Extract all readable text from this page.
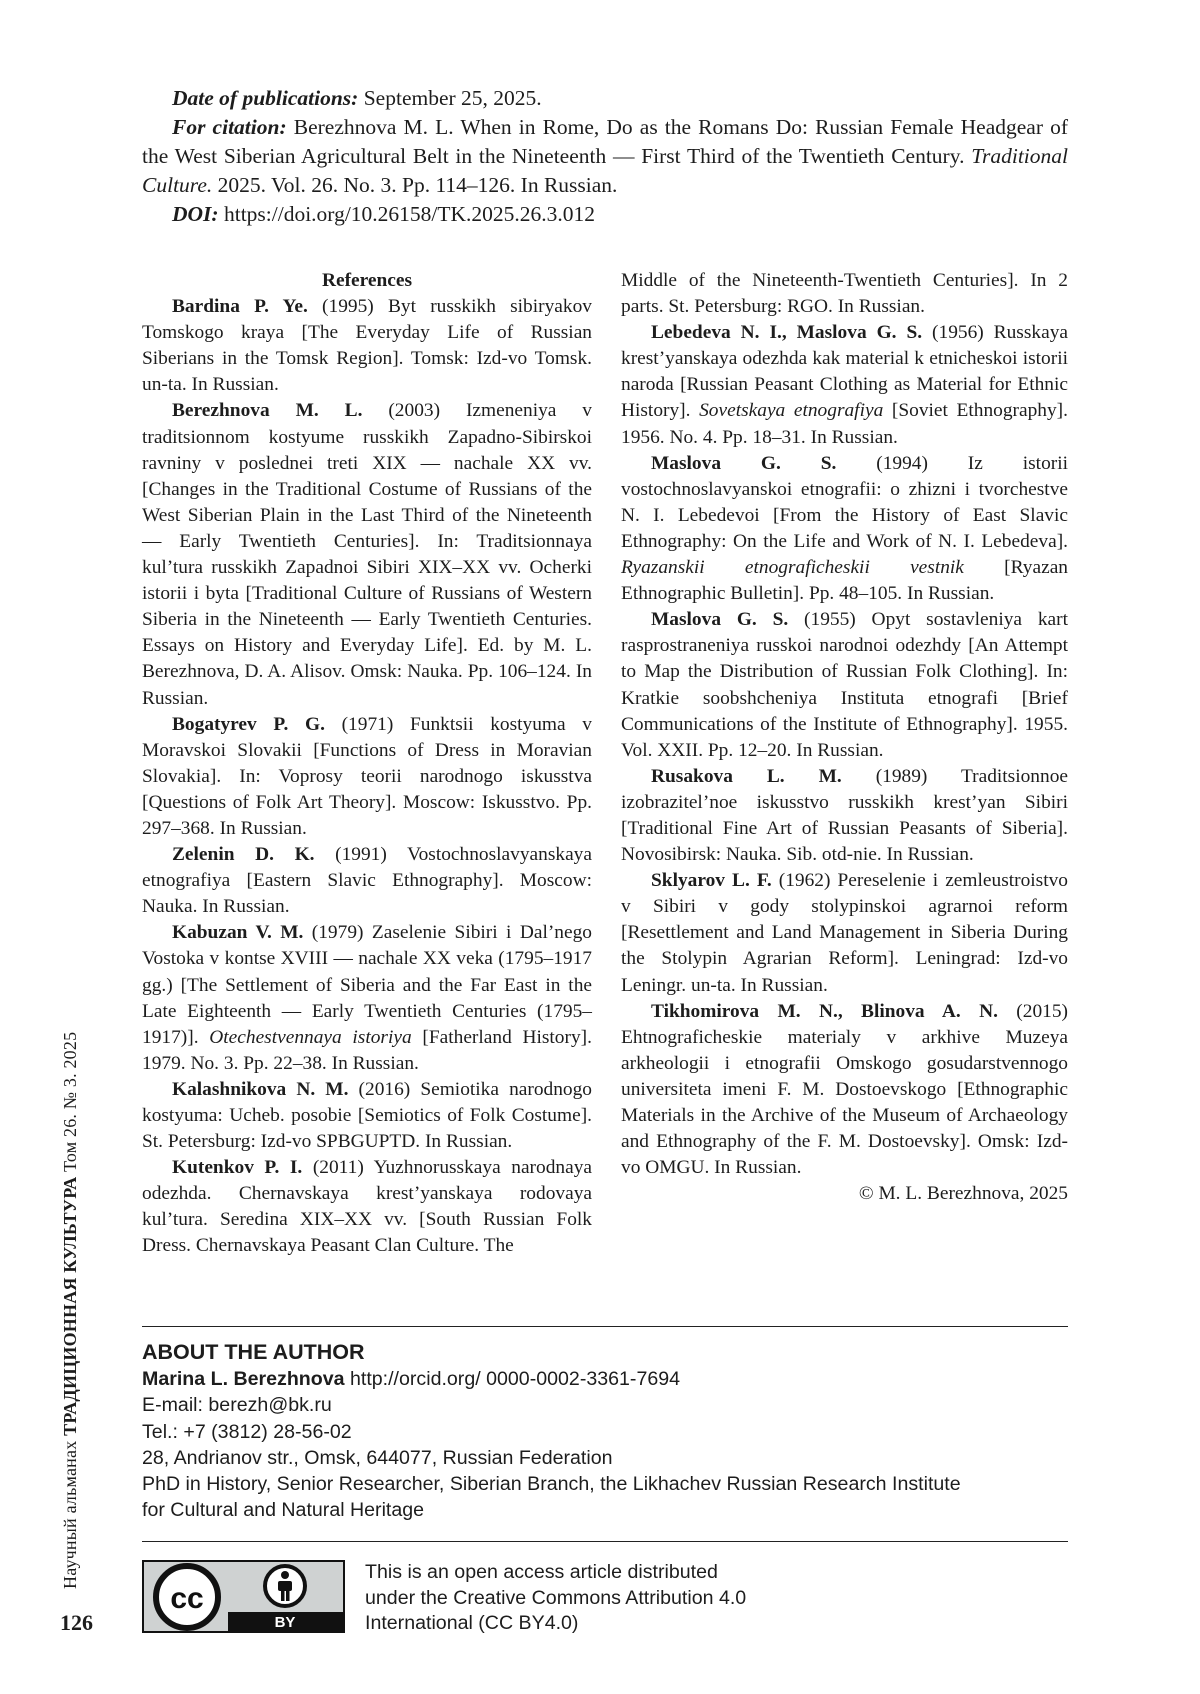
Date of publications: September 25, 2025.

For citation: Berezhnova M. L. When in Rome, Do as the Romans Do: Russian Female Headgear of the West Siberian Agricultural Belt in the Nineteenth — First Third of the Twentieth Century. Traditional Culture. 2025. Vol. 26. No. 3. Pp. 114–126. In Russian.

DOI: https://doi.org/10.26158/TK.2025.26.3.012

References

Bardina P. Ye. (1995) Byt russkikh sibiryakov Tomskogo kraya [The Everyday Life of Russian Siberians in the Tomsk Region]. Tomsk: Izd-vo Tomsk. un-ta. In Russian.

Berezhnova M. L. (2003) Izmeneniya v traditsionnom kostyume russkikh Zapadno-Sibirskoi ravniny v poslednei treti XIX — nachale XX vv. [Changes in the Traditional Costume of Russians of the West Siberian Plain in the Last Third of the Nineteenth — Early Twentieth Centuries]. In: Traditsionnaya kul’tura russkikh Zapadnoi Sibiri XIX–XX vv. Ocherki istorii i byta [Traditional Culture of Russians of Western Siberia in the Nineteenth — Early Twentieth Centuries. Essays on History and Everyday Life]. Ed. by M. L. Berezhnova, D. A. Alisov. Omsk: Nauka. Pp. 106–124. In Russian.

Bogatyrev P. G. (1971) Funktsii kostyuma v Moravskoi Slovakii [Functions of Dress in Moravian Slovakia]. In: Voprosy teorii narodnogo iskusstva [Questions of Folk Art Theory]. Moscow: Iskusstvo. Pp. 297–368. In Russian.

Zelenin D. K. (1991) Vostochnoslavyanskaya etnografiya [Eastern Slavic Ethnography]. Moscow: Nauka. In Russian.

Kabuzan V. M. (1979) Zaselenie Sibiri i Dal’nego Vostoka v kontse XVIII — nachale XX veka (1795–1917 gg.) [The Settlement of Siberia and the Far East in the Late Eighteenth — Early Twentieth Centuries (1795–1917)]. Otechestvennaya istoriya [Fatherland History]. 1979. No. 3. Pp. 22–38. In Russian.

Kalashnikova N. M. (2016) Semiotika narodnogo kostyuma: Ucheb. posobie [Semiotics of Folk Costume]. St. Petersburg: Izd-vo SPBGUPTD. In Russian.

Kutenkov P. I. (2011) Yuzhnorusskaya narodnaya odezhda. Chernavskaya krest’yanskaya rodovaya kul’tura. Seredina XIX–XX vv. [South Russian Folk Dress. Chernavskaya Peasant Clan Culture. The

Middle of the Nineteenth-Twentieth Centuries]. In 2 parts. St. Petersburg: RGO. In Russian.

Lebedeva N. I., Maslova G. S. (1956) Russkaya krest’yanskaya odezhda kak material k etnicheskoi istorii naroda [Russian Peasant Clothing as Material for Ethnic History]. Sovetskaya etnografiya [Soviet Ethnography]. 1956. No. 4. Pp. 18–31. In Russian.

Maslova G. S. (1994) Iz istorii vostochnoslavyanskoi etnografii: o zhizni i tvorchestve N. I. Lebedevoi [From the History of East Slavic Ethnography: On the Life and Work of N. I. Lebedeva]. Ryazanskii etnograficheskii vestnik [Ryazan Ethnographic Bulletin]. Pp. 48–105. In Russian.

Maslova G. S. (1955) Opyt sostavleniya kart rasprostraneniya russkoi narodnoi odezhdy [An Attempt to Map the Distribution of Russian Folk Clothing]. In: Kratkie soobshcheniya Instituta etnografi [Brief Communications of the Institute of Ethnography]. 1955. Vol. XXII. Pp. 12–20. In Russian.

Rusakova L. M. (1989) Traditsionnoe izobrazitel’noe iskusstvo russkikh krest’yan Sibiri [Traditional Fine Art of Russian Peasants of Siberia]. Novosibirsk: Nauka. Sib. otd-nie. In Russian.

Sklyarov L. F. (1962) Pereselenie i zemleustroistvo v Sibiri v gody stolypinskoi agrarnoi reform [Resettlement and Land Management in Siberia During the Stolypin Agrarian Reform]. Leningrad: Izd-vo Leningr. un-ta. In Russian.

Tikhomirova M. N., Blinova A. N. (2015) Ehtnograficheskie materialy v arkhive Muzeya arkheologii i etnografii Omskogo gosudarstvennogo universiteta imeni F. M. Dostoevskogo [Ethnographic Materials in the Archive of the Museum of Archaeology and Ethnography of the F. M. Dostoevsky]. Omsk: Izd-vo OMGU. In Russian.

© M. L. Berezhnova, 2025

ABOUT THE AUTHOR
Marina L. Berezhnova http://orcid.org/ 0000-0002-3361-7694
E-mail: berezh@bk.ru
Tel.: +7 (3812) 28-56-02
28, Andrianov str., Omsk, 644077, Russian Federation
PhD in History, Senior Researcher, Siberian Branch, the Likhachev Russian Research Institute
for Cultural and Natural Heritage
cc
BY
This is an open access article distributed
under the Creative Commons Attribution 4.0
International (CC BY4.0)
Научный альманах ТРАДИЦИОННАЯ КУЛЬТУРА Том 26. № 3. 2025
126
